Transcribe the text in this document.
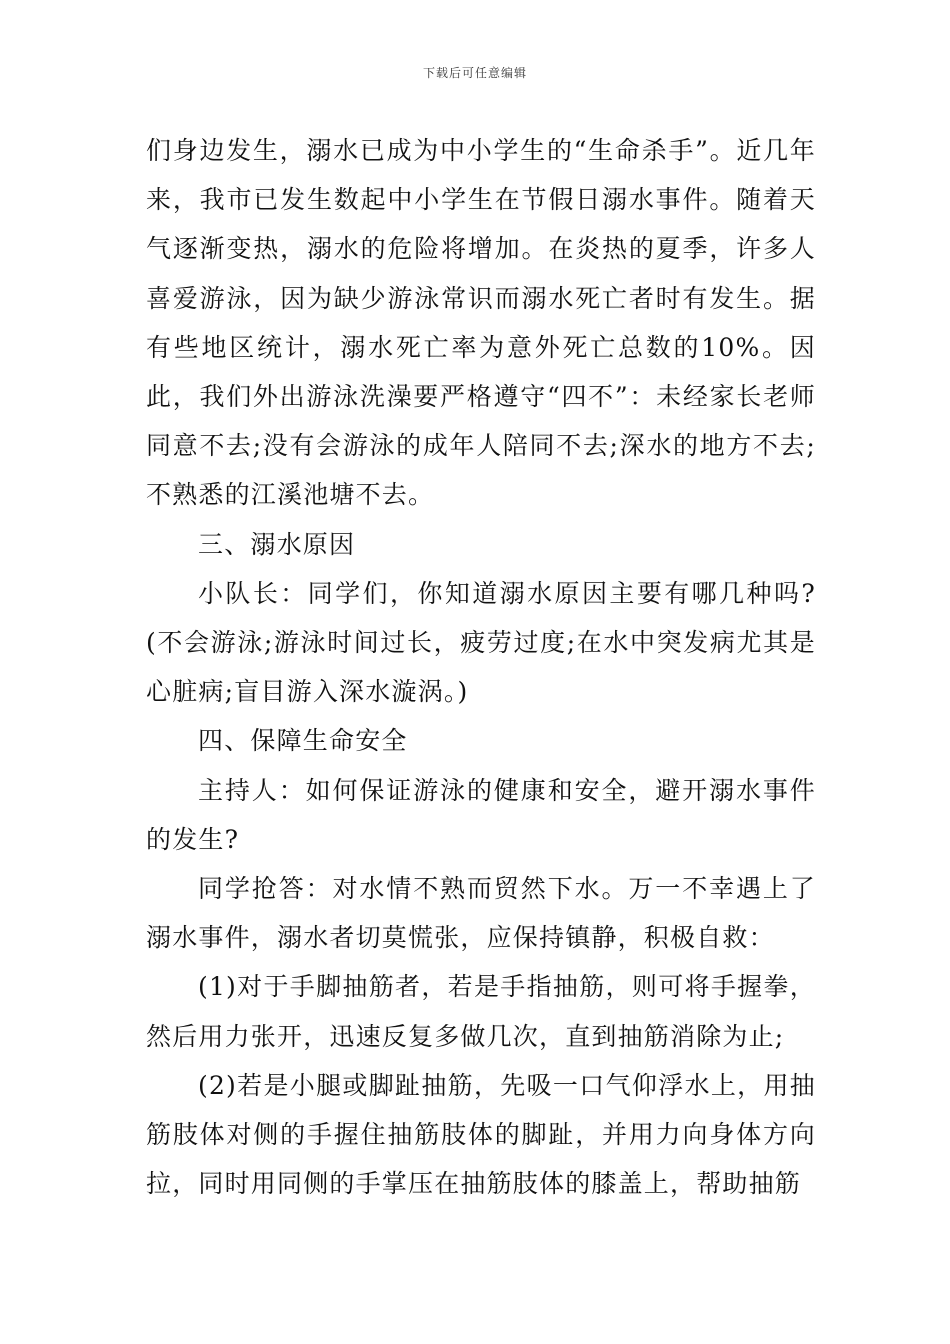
下载后可任意编辑

们身边发生，溺水已成为中小学生的“生命杀手”。近几年来，我市已发生数起中小学生在节假日溺水事件。随着天气逐渐变热，溺水的危险将增加。在炎热的夏季，许多人喜爱游泳，因为缺少游泳常识而溺水死亡者时有发生。据有些地区统计，溺水死亡率为意外死亡总数的10%。因此，我们外出游泳洗澡要严格遵守“四不”：未经家长老师同意不去;没有会游泳的成年人陪同不去;深水的地方不去;不熟悉的江溪池塘不去。

三、溺水原因

小队长：同学们，你知道溺水原因主要有哪几种吗?(不会游泳;游泳时间过长，疲劳过度;在水中突发病尤其是心脏病;盲目游入深水漩涡。)

四、保障生命安全

主持人：如何保证游泳的健康和安全，避开溺水事件的发生?

同学抢答：对水情不熟而贸然下水。万一不幸遇上了溺水事件，溺水者切莫慌张，应保持镇静，积极自救：

(1)对于手脚抽筋者，若是手指抽筋，则可将手握拳，然后用力张开，迅速反复多做几次，直到抽筋消除为止;

(2)若是小腿或脚趾抽筋，先吸一口气仰浮水上，用抽筋肢体对侧的手握住抽筋肢体的脚趾，并用力向身体方向拉，同时用同侧的手掌压在抽筋肢体的膝盖上，帮助抽筋
